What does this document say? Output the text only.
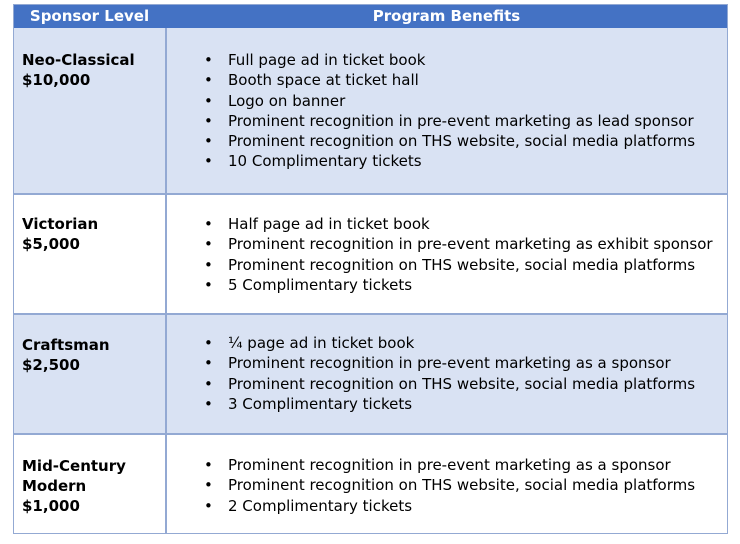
Sponsor Level	Program Benefits
Neo-Classical
$10,000
• Full page ad in ticket book
• Booth space at ticket hall
• Logo on banner
• Prominent recognition in pre-event marketing as lead sponsor
• Prominent recognition on THS website, social media platforms
• 10 Complimentary tickets
Victorian
$5,000
• Half page ad in ticket book
• Prominent recognition in pre-event marketing as exhibit sponsor
• Prominent recognition on THS website, social media platforms
• 5 Complimentary tickets
Craftsman
$2,500
• ¼ page ad in ticket book
• Prominent recognition in pre-event marketing as a sponsor
• Prominent recognition on THS website, social media platforms
• 3 Complimentary tickets
Mid-Century
Modern
$1,000
• Prominent recognition in pre-event marketing as a sponsor
• Prominent recognition on THS website, social media platforms
• 2 Complimentary tickets
